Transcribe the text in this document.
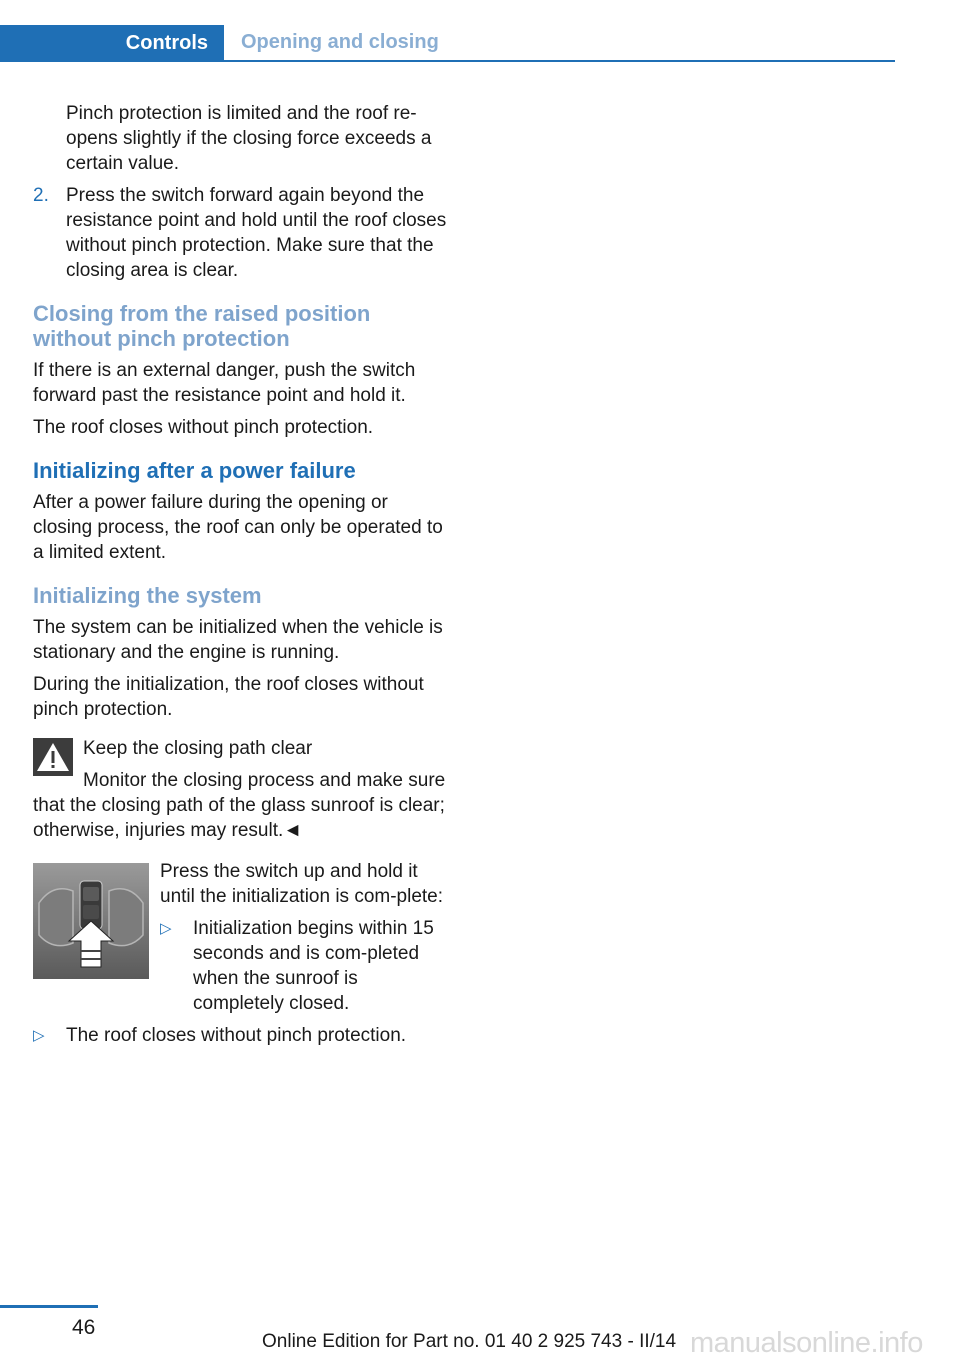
Controls	Opening and closing

Pinch protection is limited and the roof re-opens slightly if the closing force exceeds a certain value.

2. Press the switch forward again beyond the resistance point and hold until the roof closes without pinch protection. Make sure that the closing area is clear.
Closing from the raised position without pinch protection

If there is an external danger, push the switch forward past the resistance point and hold it.

The roof closes without pinch protection.

Initializing after a power failure

After a power failure during the opening or closing process, the roof can only be operated to a limited extent.

Initializing the system

The system can be initialized when the vehicle is stationary and the engine is running.

During the initialization, the roof closes without pinch protection.

Keep the closing path clear

Monitor the closing process and make sure that the closing path of the glass sunroof is clear; otherwise, injuries may result.◄

Press the switch up and hold it until the initialization is com-plete:

▷	Initialization begins within 15 seconds and is com-pleted when the sunroof is completely closed.
▷	The roof closes without pinch protection.
46
Online Edition for Part no. 01 40 2 925 743 - II/14 manualsonline.info
